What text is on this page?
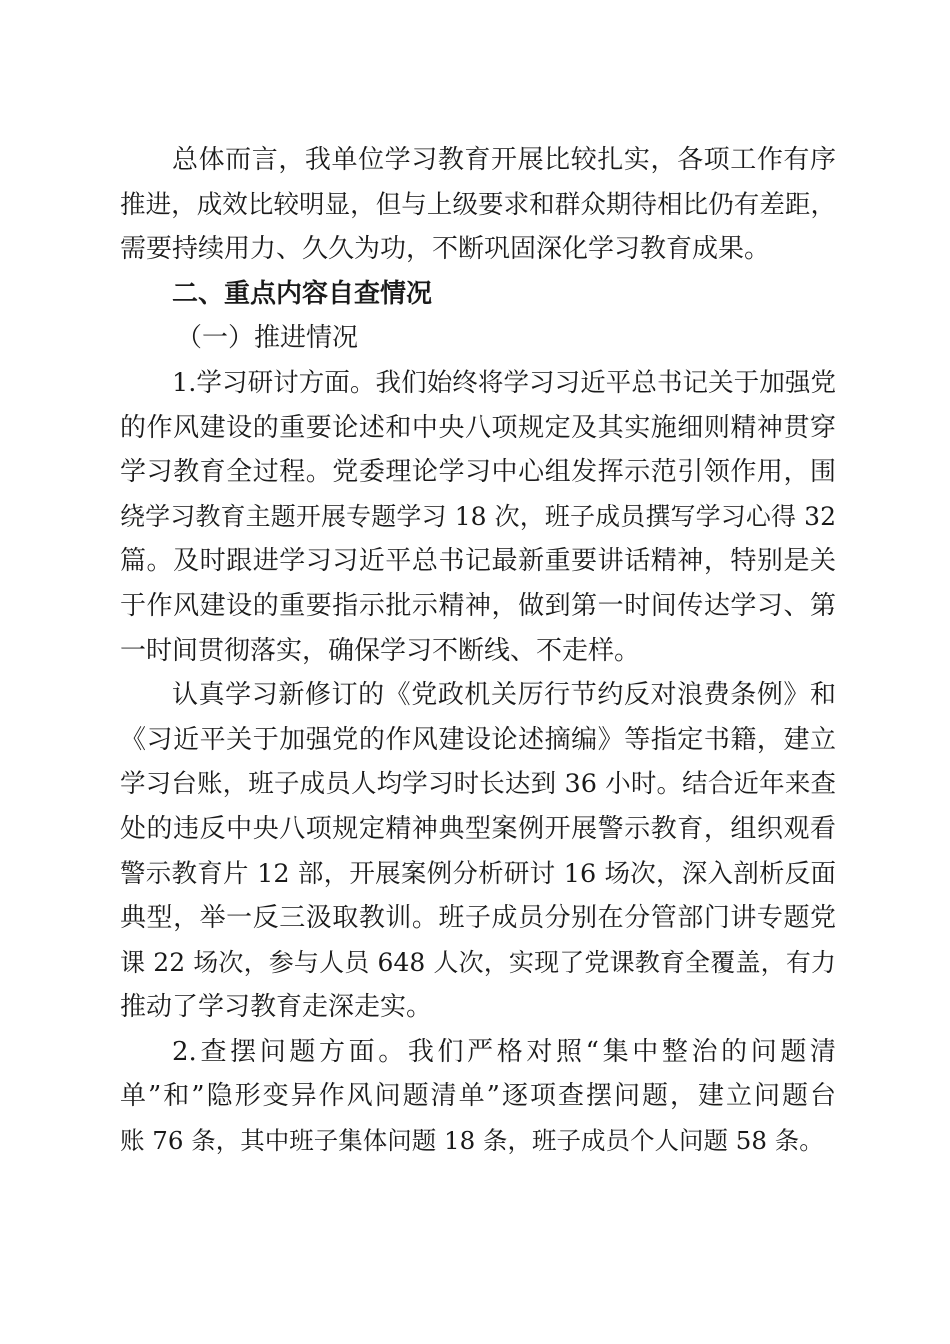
总体而言，我单位学习教育开展比较扎实，各项工作有序
推进，成效比较明显，但与上级要求和群众期待相比仍有差距，
需要持续用力、久久为功，不断巩固深化学习教育成果。
二、重点内容自查情况
（一）推进情况
1.学习研讨方面。我们始终将学习习近平总书记关于加强党
的作风建设的重要论述和中央八项规定及其实施细则精神贯穿
学习教育全过程。党委理论学习中心组发挥示范引领作用，围
绕学习教育主题开展专题学习 18 次，班子成员撰写学习心得 32
篇。及时跟进学习习近平总书记最新重要讲话精神，特别是关
于作风建设的重要指示批示精神，做到第一时间传达学习、第
一时间贯彻落实，确保学习不断线、不走样。
认真学习新修订的《党政机关厉行节约反对浪费条例》和
《习近平关于加强党的作风建设论述摘编》等指定书籍，建立
学习台账，班子成员人均学习时长达到 36 小时。结合近年来查
处的违反中央八项规定精神典型案例开展警示教育，组织观看
警示教育片 12 部，开展案例分析研讨 16 场次，深入剖析反面
典型，举一反三汲取教训。班子成员分别在分管部门讲专题党
课 22 场次，参与人员 648 人次，实现了党课教育全覆盖，有力
推动了学习教育走深走实。
2.查摆问题方面。我们严格对照“集中整治的问题清
单”和”隐形变异作风问题清单”逐项查摆问题，建立问题台
账 76 条，其中班子集体问题 18 条，班子成员个人问题 58 条。
